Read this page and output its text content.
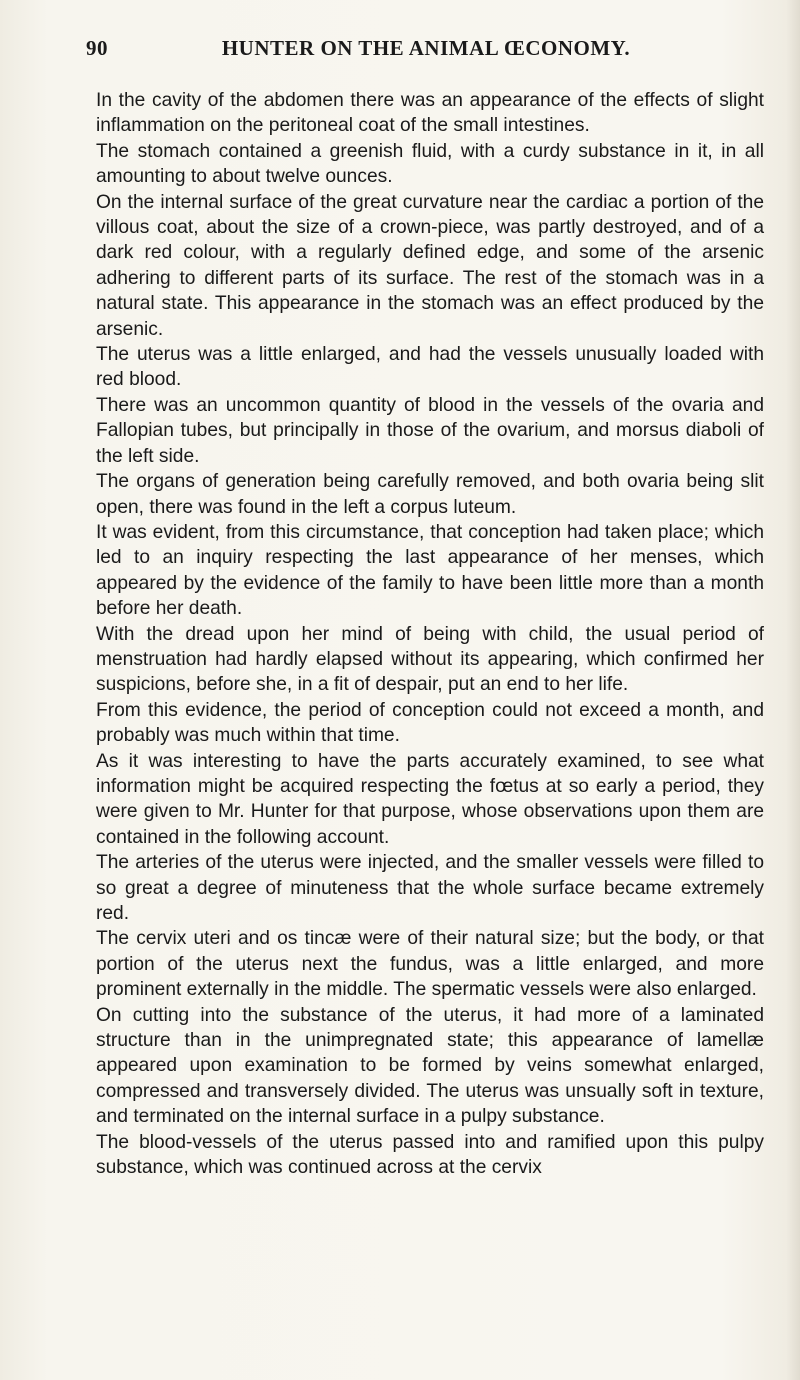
90	HUNTER ON THE ANIMAL ŒCONOMY.

In the cavity of the abdomen there was an appearance of the effects of slight inflammation on the peritoneal coat of the small intestines.

The stomach contained a greenish fluid, with a curdy substance in it, in all amounting to about twelve ounces.

On the internal surface of the great curvature near the cardiac a portion of the villous coat, about the size of a crown-piece, was partly destroyed, and of a dark red colour, with a regularly defined edge, and some of the arsenic adhering to different parts of its surface. The rest of the stomach was in a natural state. This appearance in the stomach was an effect produced by the arsenic.

The uterus was a little enlarged, and had the vessels unusually loaded with red blood.

There was an uncommon quantity of blood in the vessels of the ovaria and Fallopian tubes, but principally in those of the ovarium, and morsus diaboli of the left side.

The organs of generation being carefully removed, and both ovaria being slit open, there was found in the left a corpus luteum.

It was evident, from this circumstance, that conception had taken place; which led to an inquiry respecting the last appearance of her menses, which appeared by the evidence of the family to have been little more than a month before her death.

With the dread upon her mind of being with child, the usual period of menstruation had hardly elapsed without its appearing, which confirmed her suspicions, before she, in a fit of despair, put an end to her life.

From this evidence, the period of conception could not exceed a month, and probably was much within that time.

As it was interesting to have the parts accurately examined, to see what information might be acquired respecting the fœtus at so early a period, they were given to Mr. Hunter for that purpose, whose observations upon them are contained in the following account.

The arteries of the uterus were injected, and the smaller vessels were filled to so great a degree of minuteness that the whole surface became extremely red.

The cervix uteri and os tincæ were of their natural size; but the body, or that portion of the uterus next the fundus, was a little enlarged, and more prominent externally in the middle. The spermatic vessels were also enlarged.

On cutting into the substance of the uterus, it had more of a laminated structure than in the unimpregnated state; this appearance of lamellæ appeared upon examination to be formed by veins somewhat enlarged, compressed and transversely divided. The uterus was unsually soft in texture, and terminated on the internal surface in a pulpy substance.

The blood-vessels of the uterus passed into and ramified upon this pulpy substance, which was continued across at the cervix
